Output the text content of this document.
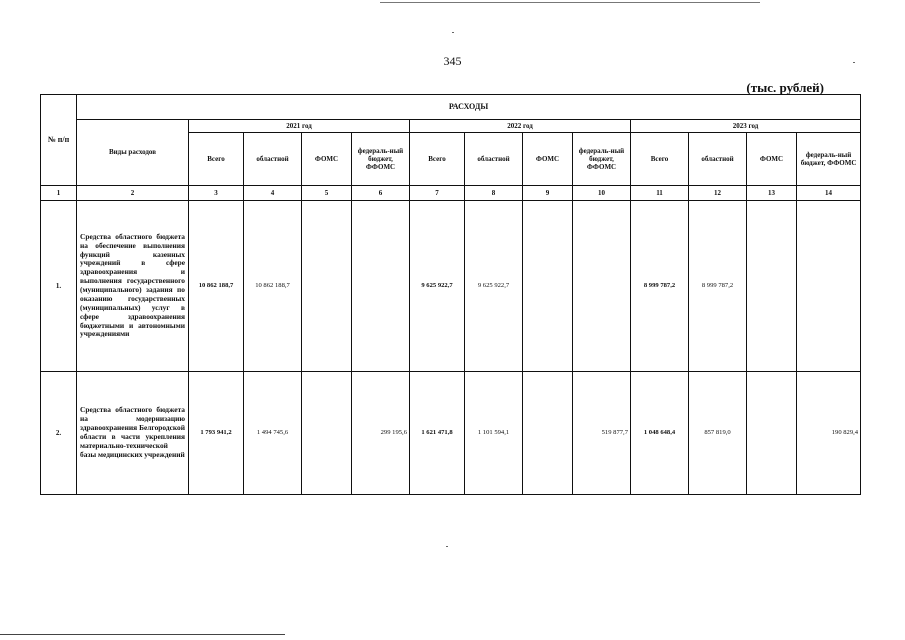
345
(тыс. рублей)
№ п/п	РАСХОДЫ												
	Виды расходов	2021 год				2022 год				2023 год			
		Всего	областной	ФОМС	федераль-ный бюджет, ФФОМС	Всего	областной	ФОМС	федераль-ный бюджет, ФФОМС	Всего	областной	ФОМС	федераль-ный бюджет, ФФОМС
1	2	3	4	5	6	7	8	9	10	11	12	13	14
1.	Средства областного бюджета на обеспечение выполнения функций казенных учреждений в сфере здравоохранения и выполнения государственного (муниципального) задания по оказанию государственных (муниципальных) услуг в сфере здравоохранения бюджетными и автономными учреждениями	10 862 188,7	10 862 188,7			9 625 922,7	9 625 922,7			8 999 787,2	8 999 787,2		
2.	Средства областного бюджета на модернизацию здравоохранения Белгородской области в части укрепления материально-технической базы медицинских учреждений	1 793 941,2	1 494 745,6		299 195,6	1 621 471,8	1 101 594,1		519 877,7	1 048 648,4	857 819,0		190 829,4
